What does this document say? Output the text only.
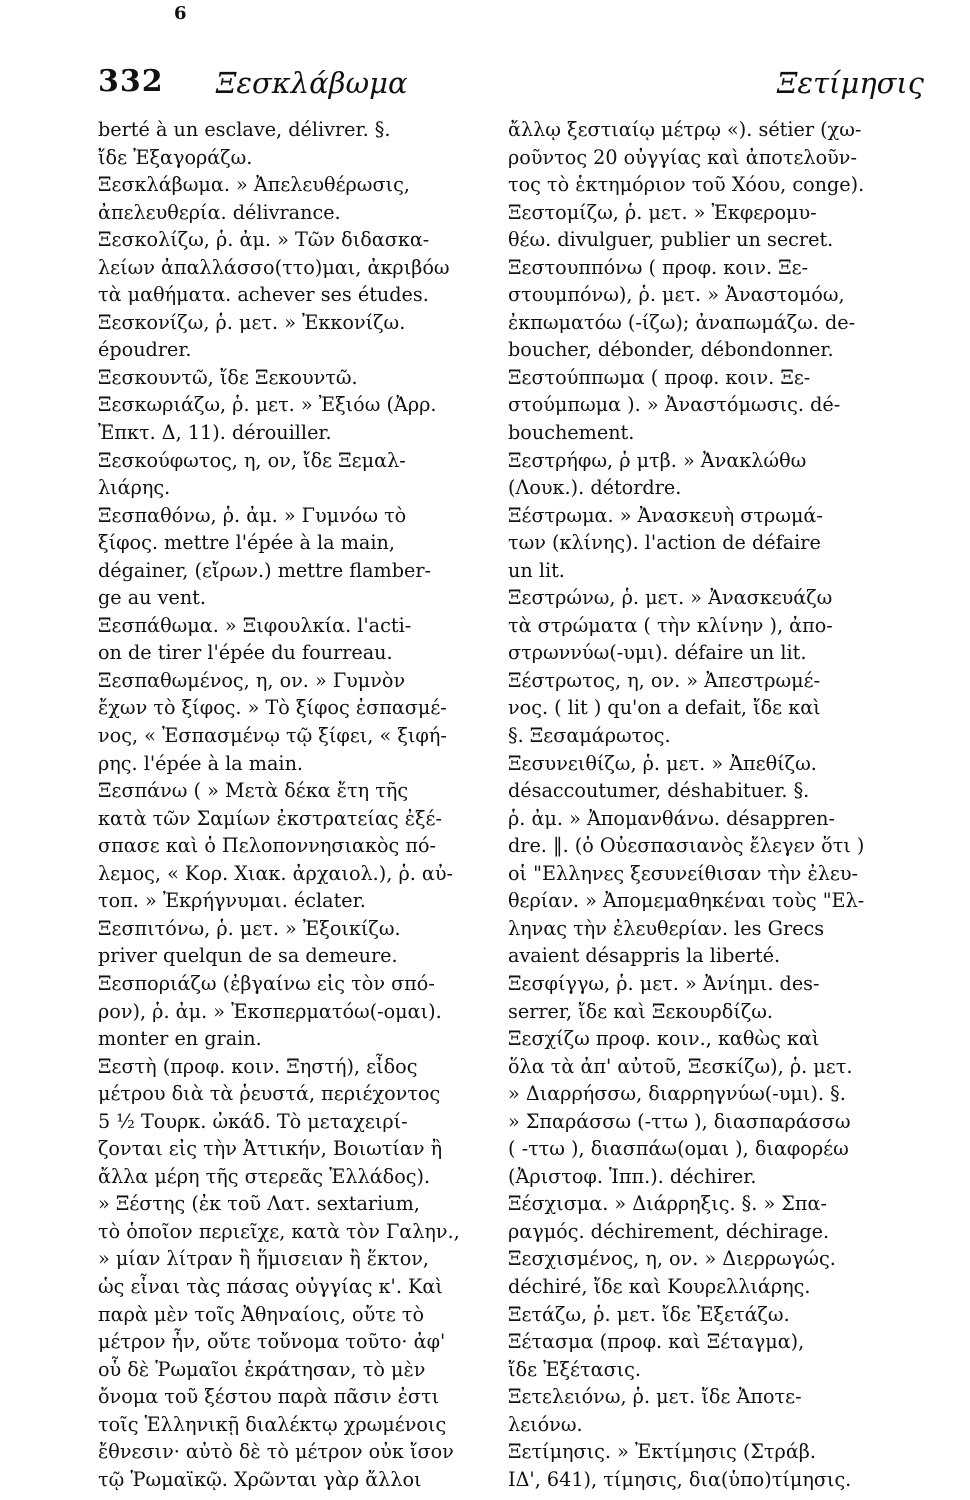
6
332 Ξεσκλάβωμα	Ξετίμησις
berté à un esclave, délivrer. §.
ἴδε Ἐξαγοράζω.
Ξεσκλάβωμα. » Ἀπελευθέρωσις,
ἀπελευθερία. délivrance.
Ξεσκολίζω, ῥ. ἀμ. » Τῶν διδασκα-
λείων ἀπαλλάσσο(ττο)μαι, ἀκριβόω
τὰ μαθήματα. achever ses études.
Ξεσκονίζω, ῥ. μετ. » Ἐκκονίζω.
époudrer.
Ξεσκουντῶ, ἴδε Ξεκουντῶ.
Ξεσκωριάζω, ῥ. μετ. » Ἐξιόω (Ἀρρ.
Ἐπκτ. Δ, 11). dérouiller.
Ξεσκούφωτος, η, ον, ἴδε Ξεμαλ-
λιάρης.
Ξεσπαθόνω, ῥ. ἀμ. » Γυμνόω τὸ
ξίφος. mettre l'épée à la main,
dégainer, (εἴρων.) mettre flamber-
ge au vent.
Ξεσπάθωμα. » Ξιφουλκία. l'acti-
on de tirer l'épée du fourreau.
Ξεσπαθωμένος, η, ον. » Γυμνὸν
ἔχων τὸ ξίφος. » Τὸ ξίφος ἐσπασμέ-
νος, « Ἐσπασμένῳ τῷ ξίφει, « ξιφή-
ρης. l'épée à la main.
Ξεσπάνω ( » Μετὰ δέκα ἔτη τῆς
κατὰ τῶν Σαμίων ἐκστρατείας ἐξέ-
σπασε καὶ ὁ Πελοποννησιακὸς πό-
λεμος, « Κορ. Χιακ. ἀρχαιολ.), ῥ. αὐ-
τοπ. » Ἐκρήγνυμαι. éclater.
Ξεσπιτόνω, ῥ. μετ. » Ἐξοικίζω.
priver quelqun de sa demeure.
Ξεσποριάζω (ἐβγαίνω εἰς τὸν σπό-
ρον), ῥ. ἀμ. » Ἐκσπερματόω(-ομαι).
monter en grain.
Ξεστὴ (προφ. κοιν. Ξηστή), εἶδος
μέτρου διὰ τὰ ῥευστά, περιέχοντος
5 ½ Τουρκ. ὠκάδ. Τὸ μεταχειρί-
ζονται εἰς τὴν Ἀττικήν, Βοιωτίαν ἢ
ἄλλα μέρη τῆς στερεᾶς Ἑλλάδος).
» Ξέστης (ἐκ τοῦ Λατ. sextarium,
τὸ ὁποῖον περιεῖχε, κατὰ τὸν Γαλην.,
» μίαν λίτραν ἢ ἥμισειαν ἢ ἕκτον,
ὡς εἶναι τὰς πάσας οὐγγίας κ'. Καὶ
παρὰ μὲν τοῖς Ἀθηναίοις, οὔτε τὸ
μέτρον ἦν, οὔτε τοὔνομα τοῦτο· ἀφ'
οὗ δὲ Ῥωμαῖοι ἐκράτησαν, τὸ μὲν
ὄνομα τοῦ ξέστου παρὰ πᾶσιν ἐστι
τοῖς Ἑλληνικῇ διαλέκτῳ χρωμένοις
ἔθνεσιν· αὐτὸ δὲ τὸ μέτρον οὐκ ἴσον
τῷ Ῥωμαϊκῷ. Χρῶνται γὰρ ἄλλοι
ἄλλῳ ξεστιαίῳ μέτρῳ «). sétier (χω-
ροῦντος 20 οὐγγίας καὶ ἀποτελοῦν-
τος τὸ ἑκτημόριον τοῦ Χόου, conge).
Ξεστομίζω, ῥ. μετ. » Ἐκφερομυ-
θέω. divulguer, publier un secret.
Ξεστουππόνω ( προφ. κοιν. Ξε-
στουμπόνω), ῥ. μετ. » Ἀναστομόω,
ἐκπωματόω (-ίζω); ἀναπωμάζω. de-
boucher, débonder, débondonner.
Ξεστούππωμα ( προφ. κοιν. Ξε-
στούμπωμα ). » Ἀναστόμωσις. dé-
bouchement.
Ξεστρήφω, ῥ μτβ. » Ἀνακλώθω
(Λουκ.). détordre.
Ξέστρωμα. » Ἀνασκευὴ στρωμά-
των (κλίνης). l'action de défaire
un lit.
Ξεστρώνω, ῥ. μετ. » Ἀνασκευάζω
τὰ στρώματα ( τὴν κλίνην ), ἀπο-
στρωννύω(-υμι). défaire un lit.
Ξέστρωτος, η, ον. » Ἀπεστρωμέ-
νος. ( lit ) qu'on a defait, ἴδε καὶ
§. Ξεσαμάρωτος.
Ξεσυνειθίζω, ῥ. μετ. » Ἀπεθίζω.
désaccoutumer, déshabituer. §.
ῥ. ἀμ. » Ἀπομανθάνω. désappren-
dre. ‖. (ὁ Οὐεσπασιανὸς ἔλεγεν ὅτι )
οἱ "Ελληνες ξεσυνείθισαν τὴν ἐλευ-
θερίαν. » Ἀπομεμαθηκέναι τοὺς "Ελ-
ληνας τὴν ἐλευθερίαν. les Grecs
avaient désappris la liberté.
Ξεσφίγγω, ῥ. μετ. » Ἀνίημι. des-
serrer, ἴδε καὶ Ξεκουρδίζω.
Ξεσχίζω προφ. κοιν., καθὼς καὶ
ὅλα τὰ ἀπ' αὐτοῦ, Ξεσκίζω), ῥ. μετ.
» Διαρρήσσω, διαρρηγνύω(-υμι). §.
» Σπαράσσω (-ττω ), διασπαράσσω
( -ττω ), διασπάω(ομαι ), διαφορέω
(Ἀριστοφ. Ἱππ.). déchirer.
Ξέσχισμα. » Διάρρηξις. §. » Σπα-
ραγμός. déchirement, déchirage.
Ξεσχισμένος, η, ον. » Διερρωγώς.
déchiré, ἴδε καὶ Κουρελλιάρης.
Ξετάζω, ῥ. μετ. ἴδε Ἐξετάζω.
Ξέτασμα (προφ. καὶ Ξέταγμα),
ἴδε Ἐξέτασις.
Ξετελειόνω, ῥ. μετ. ἴδε Ἀποτε-
λειόνω.
Ξετίμησις. » Ἐκτίμησις (Στράβ.
ΙΔ', 641), τίμησις, δια(ὑπο)τίμησις.
